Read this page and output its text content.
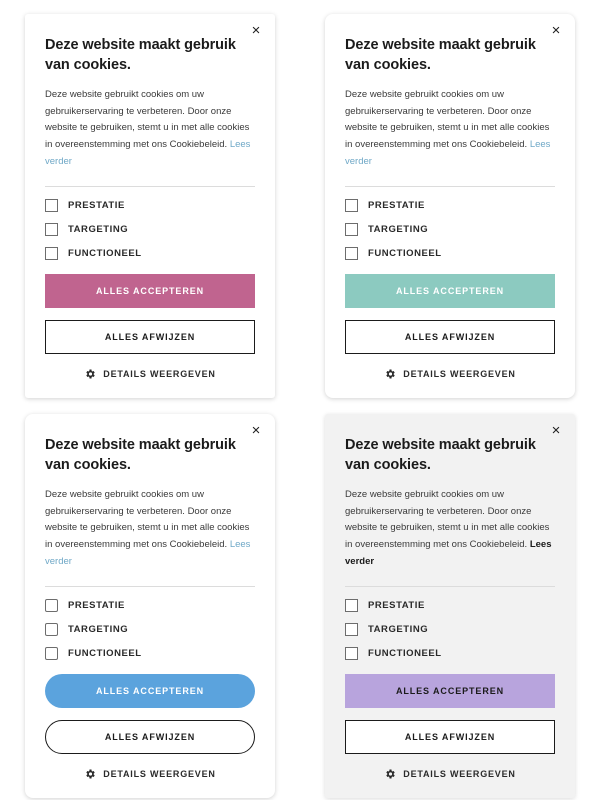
×
Deze website maakt gebruik van cookies.

Deze website gebruikt cookies om uw gebruikerservaring te verbeteren. Door onze website te gebruiken, stemt u in met alle cookies in overeenstemming met ons Cookiebeleid. Lees verder

PRESTATIE
TARGETING
FUNCTIONEEL
ALLES ACCEPTEREN
ALLES AFWIJZEN
DETAILS WEERGEVEN
×
Deze website maakt gebruik van cookies.

Deze website gebruikt cookies om uw gebruikerservaring te verbeteren. Door onze website te gebruiken, stemt u in met alle cookies in overeenstemming met ons Cookiebeleid. Lees verder

PRESTATIE
TARGETING
FUNCTIONEEL
ALLES ACCEPTEREN
ALLES AFWIJZEN
DETAILS WEERGEVEN
×
Deze website maakt gebruik van cookies.

Deze website gebruikt cookies om uw gebruikerservaring te verbeteren. Door onze website te gebruiken, stemt u in met alle cookies in overeenstemming met ons Cookiebeleid. Lees verder

PRESTATIE
TARGETING
FUNCTIONEEL
ALLES ACCEPTEREN
ALLES AFWIJZEN
DETAILS WEERGEVEN
×
Deze website maakt gebruik van cookies.

Deze website gebruikt cookies om uw gebruikerservaring te verbeteren. Door onze website te gebruiken, stemt u in met alle cookies in overeenstemming met ons Cookiebeleid. Lees verder

PRESTATIE
TARGETING
FUNCTIONEEL
ALLES ACCEPTEREN
ALLES AFWIJZEN
DETAILS WEERGEVEN
